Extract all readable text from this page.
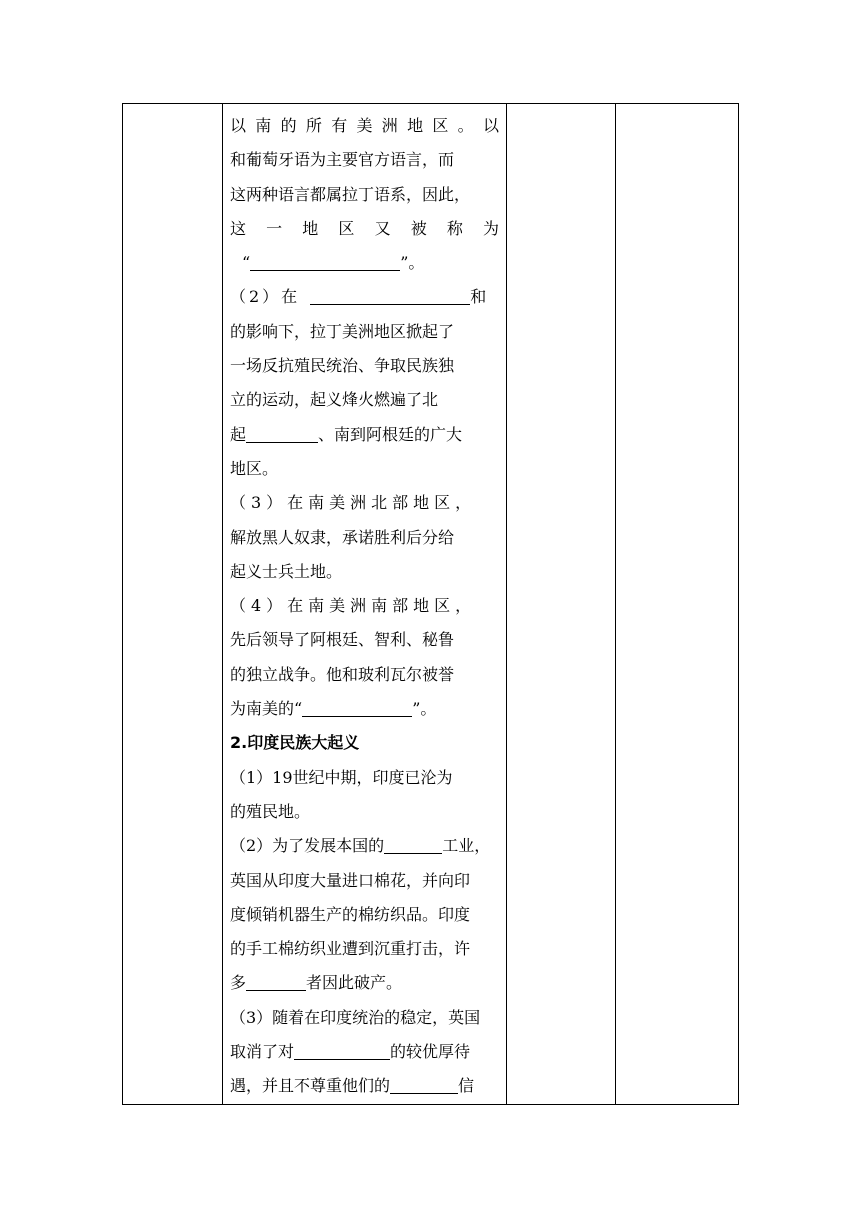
以南的所有美洲地区。以
和葡萄牙语为主要官方语言，而
这两种语言都属拉丁语系，因此，
这一地区又被称为
“	”。
（2）在	和
的影响下，拉丁美洲地区掀起了
一场反抗殖民统治、争取民族独
立的运动，起义烽火燃遍了北
起	、南到阿根廷的广大
地区。
（3）在南美洲北部地区，
解放黑人奴隶，承诺胜利后分给
起义士兵土地。
（4）在南美洲南部地区，
先后领导了阿根廷、智利、秘鲁
的独立战争。他和玻利瓦尔被誉
为南美的“	”。
2.印度民族大起义
（1）19世纪中期，印度已沦为
的殖民地。
（2）为了发展本国的	工业，
英国从印度大量进口棉花，并向印
度倾销机器生产的棉纺织品。印度
的手工棉纺织业遭到沉重打击，许
多	者因此破产。
（3）随着在印度统治的稳定，英国
取消了对	的较优厚待
遇，并且不尊重他们的	信
